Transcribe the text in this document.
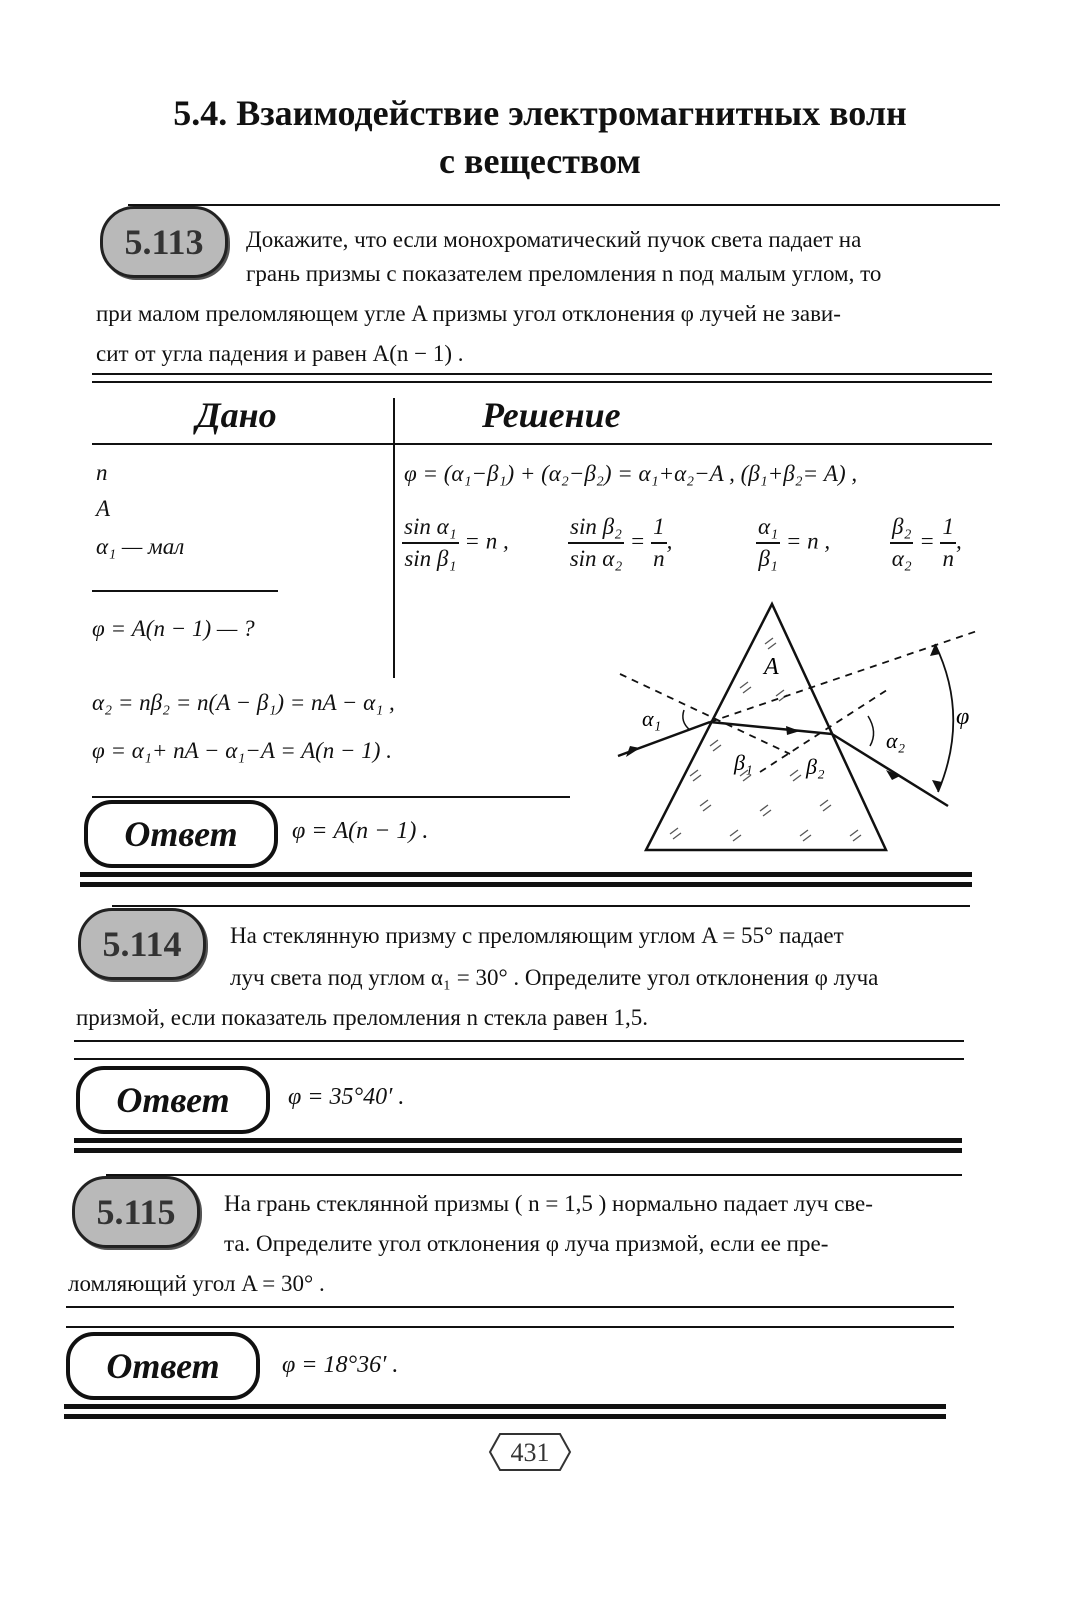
5.4. Взаимодействие электромагнитных волн
с веществом
5.113	Докажите, что если монохроматический пучок света падает на
грань призмы с показателем преломления n под малым углом, то
при малом преломляющем угле A призмы угол отклонения φ лучей не зави-
сит от угла падения и равен A(n − 1) .
Дано	Решение
n
A
α₁ — мал
φ = A(n − 1) — ?
φ = (α₁−β₁) + (α₂−β₂) = α₁+α₂−A , (β₁+β₂= A) ,
$\frac{\text{sin α₁}}{\text{sin β₁}} = n$ ,	$\frac{\text{sin β₂}}{\text{sin α₂}} = \frac{1}{n}$ ,	$\frac{\text{α₁}}{\text{β₁}} = n$ ,	$\frac{\text{β₂}}{\text{α₂}} = \frac{1}{n}$ ,
α₂ = nβ₂ = n(A − β₁) = nA − α₁ ,
φ = α₁+ nA − α₁−A = A(n − 1) .
A
α₁
α₂
β₁ β₂
φ
Ответ	φ = A(n − 1) .
5.114	На стеклянную призму с преломляющим углом A = 55° падает
луч света под углом α₁ = 30° . Определите угол отклонения φ луча
призмой, если показатель преломления n стекла равен 1,5.
Ответ	φ = 35°40′ .
5.115	На грань стеклянной призмы ( n = 1,5 ) нормально падает луч све-
та. Определите угол отклонения φ луча призмой, если ее пре-
ломляющий угол A = 30° .
Ответ	φ = 18°36′ .
431
